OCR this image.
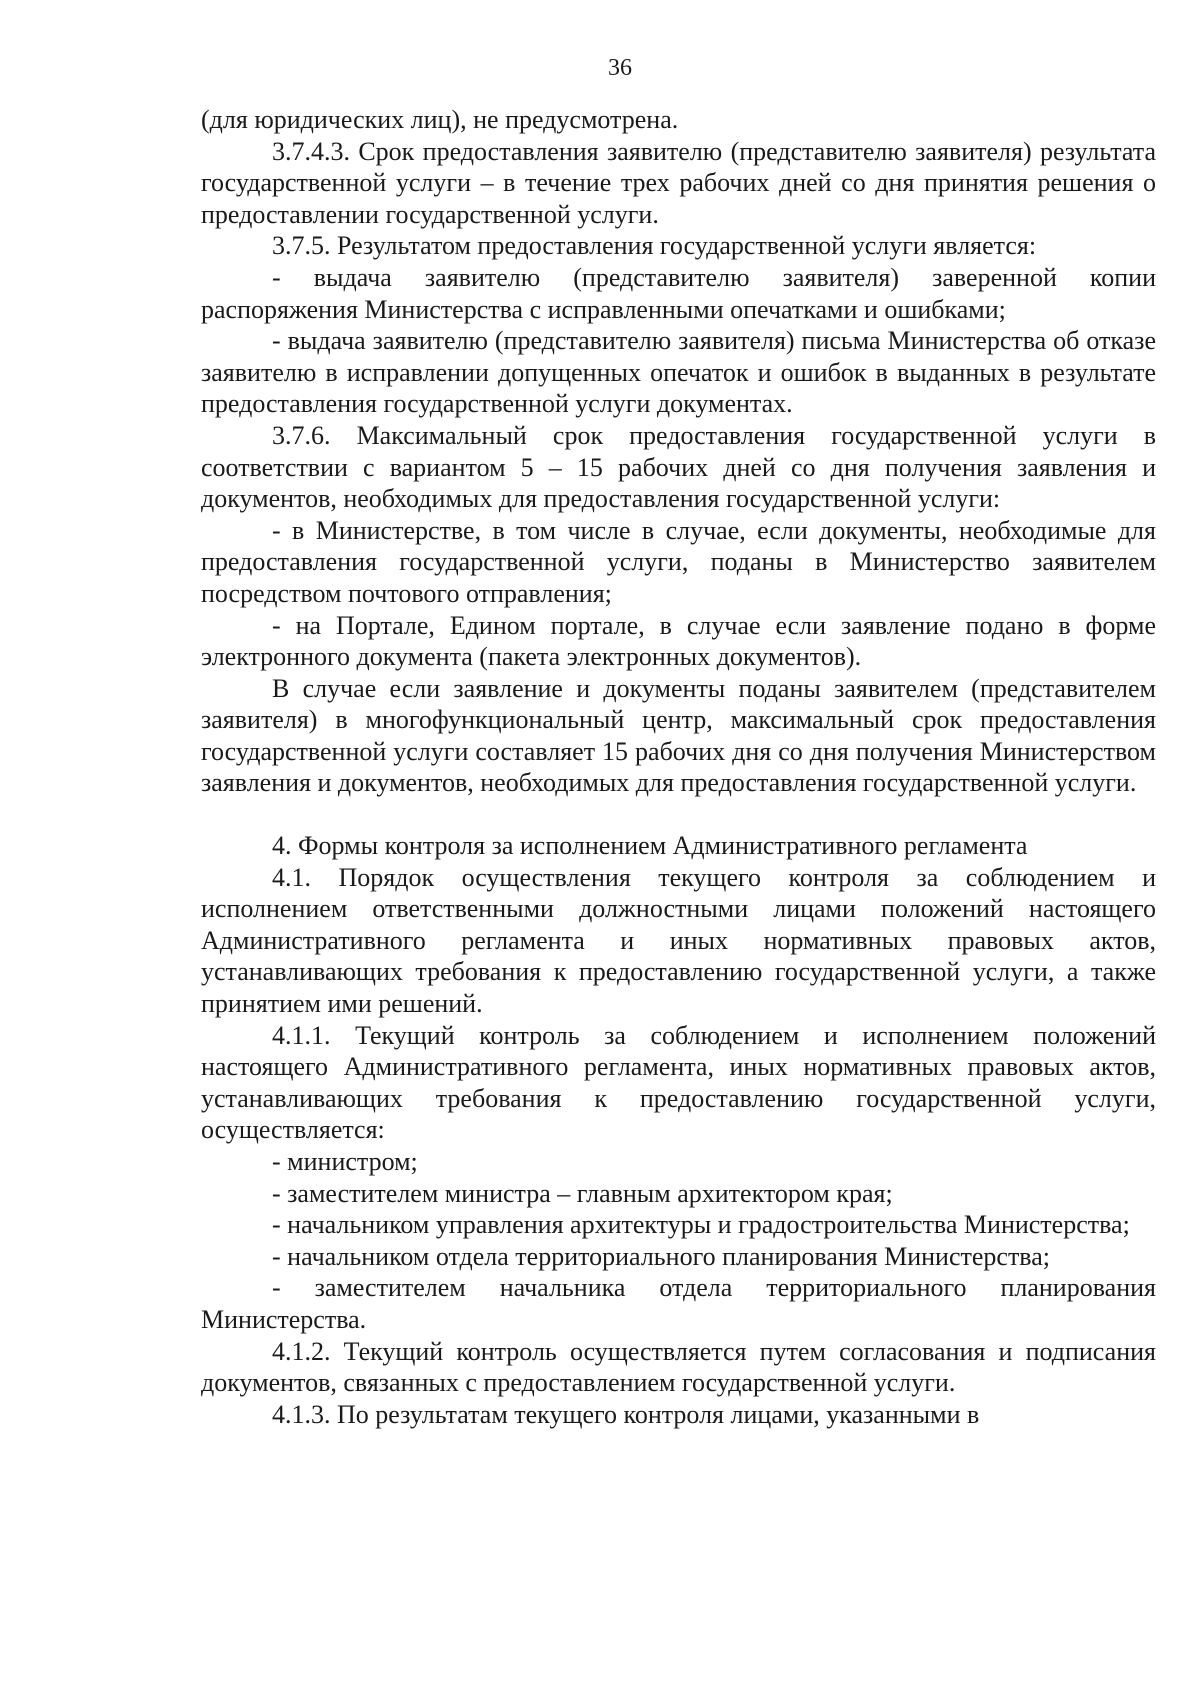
36

(для юридических лиц), не предусмотрена.

3.7.4.3. Срок предоставления заявителю (представителю заявителя) результата государственной услуги – в течение трех рабочих дней со дня принятия решения о предоставлении государственной услуги.

3.7.5. Результатом предоставления государственной услуги является:

- выдача заявителю (представителю заявителя) заверенной копии распоряжения Министерства с исправленными опечатками и ошибками;

- выдача заявителю (представителю заявителя) письма Министерства об отказе заявителю в исправлении допущенных опечаток и ошибок в выданных в результате предоставления государственной услуги документах.

3.7.6. Максимальный срок предоставления государственной услуги в соответствии с вариантом 5 – 15 рабочих дней со дня получения заявления и документов, необходимых для предоставления государственной услуги:

- в Министерстве, в том числе в случае, если документы, необходимые для предоставления государственной услуги, поданы в Министерство заявителем посредством почтового отправления;

- на Портале, Едином портале, в случае если заявление подано в форме электронного документа (пакета электронных документов).

В случае если заявление и документы поданы заявителем (представителем заявителя) в многофункциональный центр, максимальный срок предоставления государственной услуги составляет 15 рабочих дня со дня получения Министерством заявления и документов, необходимых для предоставления государственной услуги.

4. Формы контроля за исполнением Административного регламента

4.1. Порядок осуществления текущего контроля за соблюдением и исполнением ответственными должностными лицами положений настоящего Административного регламента и иных нормативных правовых актов, устанавливающих требования к предоставлению государственной услуги, а также принятием ими решений.

4.1.1. Текущий контроль за соблюдением и исполнением положений настоящего Административного регламента, иных нормативных правовых актов, устанавливающих требования к предоставлению государственной услуги, осуществляется:

- министром;

- заместителем министра – главным архитектором края;

- начальником управления архитектуры и градостроительства Министерства;

- начальником отдела территориального планирования Министерства;

- заместителем начальника отдела территориального планирования Министерства.

4.1.2. Текущий контроль осуществляется путем согласования и подписания документов, связанных с предоставлением государственной услуги.

4.1.3. По результатам текущего контроля лицами, указанными в
